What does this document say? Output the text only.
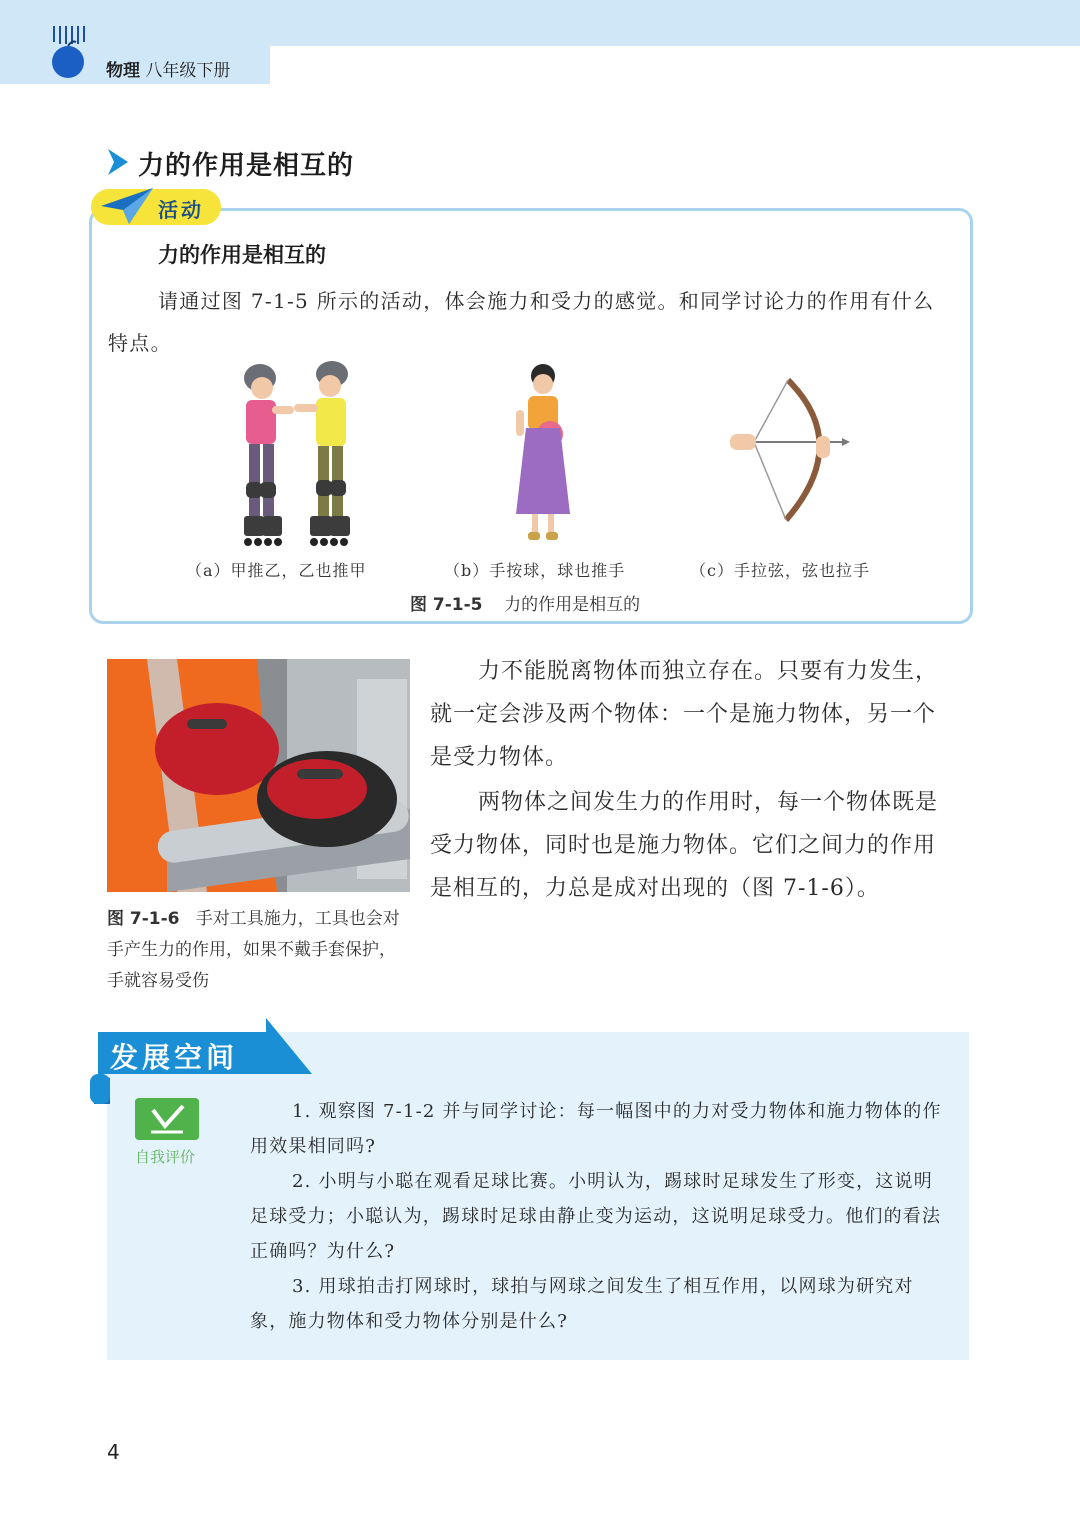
物理 八年级下册
力的作用是相互的
活动
力的作用是相互的
请通过图 7-1-5 所示的活动，体会施力和受力的感觉。和同学讨论力的作用有什么特点。
（a）甲推乙，乙也推甲	（b）手按球，球也推手	（c）手拉弦，弦也拉手
图 7-1-5 力的作用是相互的
图 7-1-6 手对工具施力，工具也会对手产生力的作用，如果不戴手套保护，手就容易受伤

力不能脱离物体而独立存在。只要有力发生，就一定会涉及两个物体：一个是施力物体，另一个是受力物体。

两物体之间发生力的作用时，每一个物体既是受力物体，同时也是施力物体。它们之间力的作用是相互的，力总是成对出现的（图 7-1-6）。

发展空间
自我评价

1. 观察图 7-1-2 并与同学讨论：每一幅图中的力对受力物体和施力物体的作用效果相同吗?

2. 小明与小聪在观看足球比赛。小明认为，踢球时足球发生了形变，这说明足球受力；小聪认为，踢球时足球由静止变为运动，这说明足球受力。他们的看法正确吗？为什么?

3. 用球拍击打网球时，球拍与网球之间发生了相互作用，以网球为研究对象，施力物体和受力物体分别是什么?

4
